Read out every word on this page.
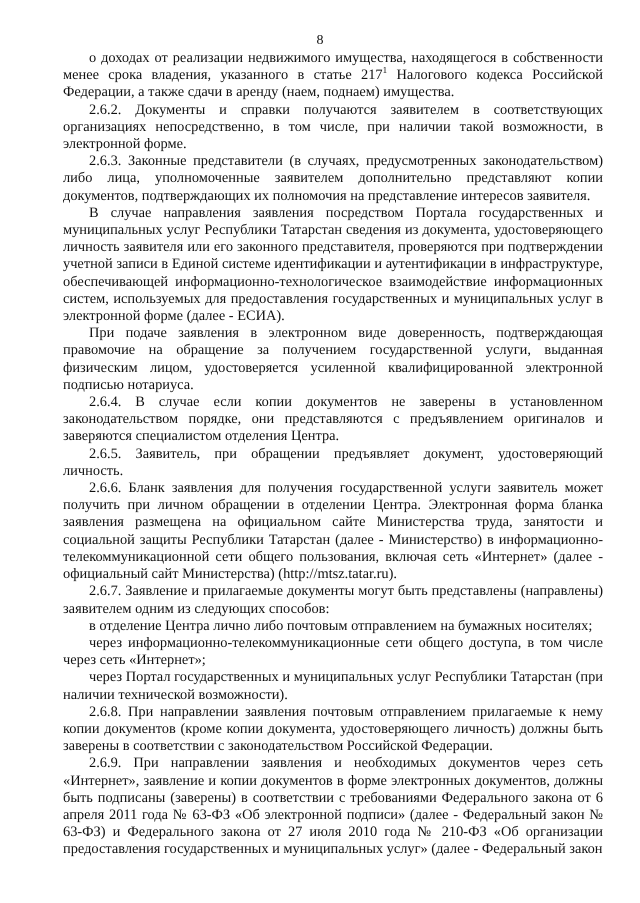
8

о доходах от реализации недвижимого имущества, находящегося в собственности менее срока владения, указанного в статье $217^1$ Налогового кодекса Российской Федерации, а также сдачи в аренду (наем, поднаем) имущества.

2.6.2. Документы и справки получаются заявителем в соответствующих организациях непосредственно, в том числе, при наличии такой возможности, в электронной форме.

2.6.3. Законные представители (в случаях, предусмотренных законодательством) либо лица, уполномоченные заявителем дополнительно представляют копии документов, подтверждающих их полномочия на представление интересов заявителя.

В случае направления заявления посредством Портала государственных и муниципальных услуг Республики Татарстан сведения из документа, удостоверяющего личность заявителя или его законного представителя, проверяются при подтверждении учетной записи в Единой системе идентификации и аутентификации в инфраструктуре, обеспечивающей информационно-технологическое взаимодействие информационных систем, используемых для предоставления государственных и муниципальных услуг в электронной форме (далее - ЕСИА).

При подаче заявления в электронном виде доверенность, подтверждающая правомочие на обращение за получением государственной услуги, выданная физическим лицом, удостоверяется усиленной квалифицированной электронной подписью нотариуса.

2.6.4. В случае если копии документов не заверены в установленном законодательством порядке, они представляются с предъявлением оригиналов и заверяются специалистом отделения Центра.

2.6.5. Заявитель, при обращении предъявляет документ, удостоверяющий личность.

2.6.6. Бланк заявления для получения государственной услуги заявитель может получить при личном обращении в отделении Центра. Электронная форма бланка заявления размещена на официальном сайте Министерства труда, занятости и социальной защиты Республики Татарстан (далее - Министерство) в информационно-телекоммуникационной сети общего пользования, включая сеть «Интернет» (далее - официальный сайт Министерства) (http://mtsz.tatar.ru).

2.6.7. Заявление и прилагаемые документы могут быть представлены (направлены) заявителем одним из следующих способов:

в отделение Центра лично либо почтовым отправлением на бумажных носителях;

через информационно-телекоммуникационные сети общего доступа, в том числе через сеть «Интернет»;

через Портал государственных и муниципальных услуг Республики Татарстан (при наличии технической возможности).

2.6.8. При направлении заявления почтовым отправлением прилагаемые к нему копии документов (кроме копии документа, удостоверяющего личность) должны быть заверены в соответствии с законодательством Российской Федерации.

2.6.9. При направлении заявления и необходимых документов через сеть «Интернет», заявление и копии документов в форме электронных документов, должны быть подписаны (заверены) в соответствии с требованиями Федерального закона от 6 апреля 2011 года № 63-ФЗ «Об электронной подписи» (далее - Федеральный закон № 63-ФЗ) и Федерального закона от 27 июля 2010 года № 210-ФЗ «Об организации предоставления государственных и муниципальных услуг» (далее - Федеральный закон
